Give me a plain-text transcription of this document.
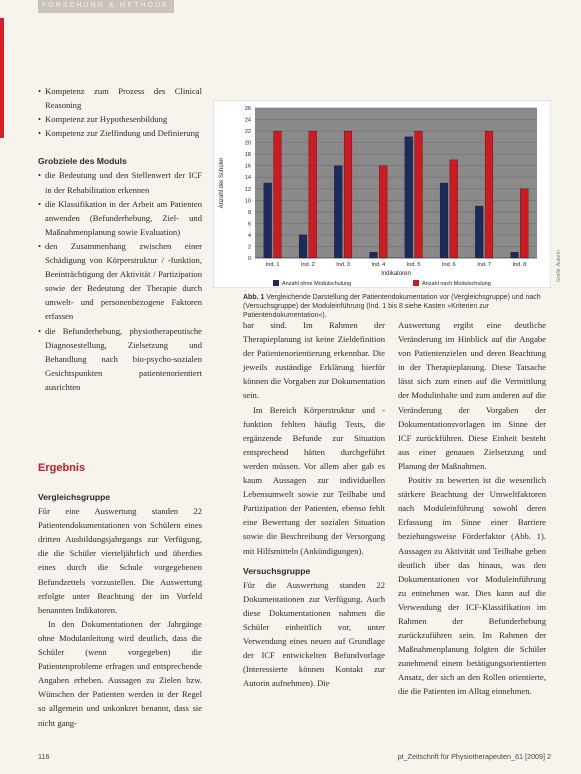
FORSCHUNG & METHODE
• Kompetenz zum Prozess des Clinical Reasoning
• Kompetenz zur Hypothesenbildung
• Kompetenz zur Zielfindung und Definierung
Grobziele des Moduls
• die Bedeutung und den Stellenwert der ICF in der Rehabilitation erkennen
• die Klassifikation in der Arbeit am Patienten anwenden (Befunderhebung, Ziel- und Maßnahmenplanung sowie Evaluation)
• den Zusammenhang zwischen einer Schädigung von Körperstruktur / -funktion, Beeinträchtigung der Aktivität / Partizipation sowie der Bedeutung der Therapie durch umwelt- und personenbezogene Faktoren erfassen
• die Befunderhebung, physiotherapeutische Diagnosestellung, Zielsetzung und Behandlung nach bio-psycho-sozialen Gesichtspunkten patientenorientiert ausrichten
Ergebnis
Vergleichsgruppe

Für eine Auswertung standen 22 Patientendokumentationen von Schülern eines dritten Ausbildungsjahrgangs zur Verfügung, die die Schüler vierteljährlich und überdies eines durch die Schule vorgegebenen Befundzettels vorzustellen. Die Auswertung erfolgte unter Beachtung der im Vorfeld benannten Indikatoren.

In den Dokumentationen der Jahrgänge ohne Modulanleitung wird deutlich, dass die Schüler (wenn vorgegeben) die Patientenprobleme erfragen und entsprechende Angaben erheben. Aussagen zu Zielen bzw. Wünschen der Patienten werden in der Regel so allgemein und unkonkret benannt, dass sie nicht gang-

0
2
4
6
8
10
12
14
16
18
20
22
24
26
Ind. 1	Ind. 2	Ind. 3	Ind. 4	Ind. 5	Ind. 6	Ind. 7	Ind. 8
Indikatoren
Anzahl der Schüler
Anzahl ohne Modulschulung	Anzahl nach Modulschulung
Abb. 1 Vergleichende Darstellung der Patientendokumentation vor (Vergleichsgruppe) und nach (Versuchsgruppe) der Moduleinführung (Ind. 1 bis 8 siehe Kasten »Kriterien zur Patientendokumentation«).

bar sind. Im Rahmen der Therapieplanung ist keine Zieldefinition der Patientenorientierung erkennbar. Die jeweils zuständige Erklärung hierfür können die Vorgaben zur Dokumentation sein.

Im Bereich Körperstruktur und -funktion fehlten häufig Tests, die ergänzende Befunde zur Situation entsprechend hätten durchgeführt werden müssen. Vor allem aber gab es kaum Aussagen zur individuellen Lebensumwelt sowie zur Teilhabe und Partizipation der Patienten, ebenso fehlt eine Bewertung der sozialen Situation sowie die Beschreibung der Versorgung mit Hilfsmitteln (Ankündigungen).

Versuchsgruppe

Für die Auswertung standen 22 Dokumentationen zur Verfügung. Auch diese Dokumentationen nahmen die Schüler einheitlich vor, unter Verwendung eines neuen auf Grundlage der ICF entwickelten Befundvorlage (Interessierte können Kontakt zur Autorin aufnehmen). Die

Auswertung ergibt eine deutliche Veränderung im Hinblick auf die Angabe von Patientenzielen und deren Beachtung in der Therapieplanung. Diese Tatsache lässt sich zum einen auf die Vermittlung der Modulinhalte und zum anderen auf die Veränderung der Vorgaben der Dokumentationsvorlagen im Sinne der ICF zurückführen. Diese Einheit besteht aus einer genauen Zielsetzung und Planung der Maßnahmen.

Positiv zu bewerten ist die wesentlich stärkere Beachtung der Umweltfaktoren nach Moduleinführung sowohl deren Erfassung im Sinne einer Barriere beziehungsweise Förderfaktor (Abb. 1). Aussagen zu Aktivität und Teilhabe geben deutlich über das hinaus, was den Dokumentationen vor Moduleinführung zu entnehmen war. Dies kann auf die Verwendung der ICF-Klassifikation im Rahmen der Befunderhebung zurückzuführen sein. Im Rahmen der Maßnahmenplanung folgten die Schüler zunehmend einem betätigungsorientierten Ansatz, der sich an den Rollen orientierte, die die Patienten im Alltag einnehmen.

116	pt_Zeitschrift für Physiotherapeuten_61 [2009] 2
Grafik: Autorin
